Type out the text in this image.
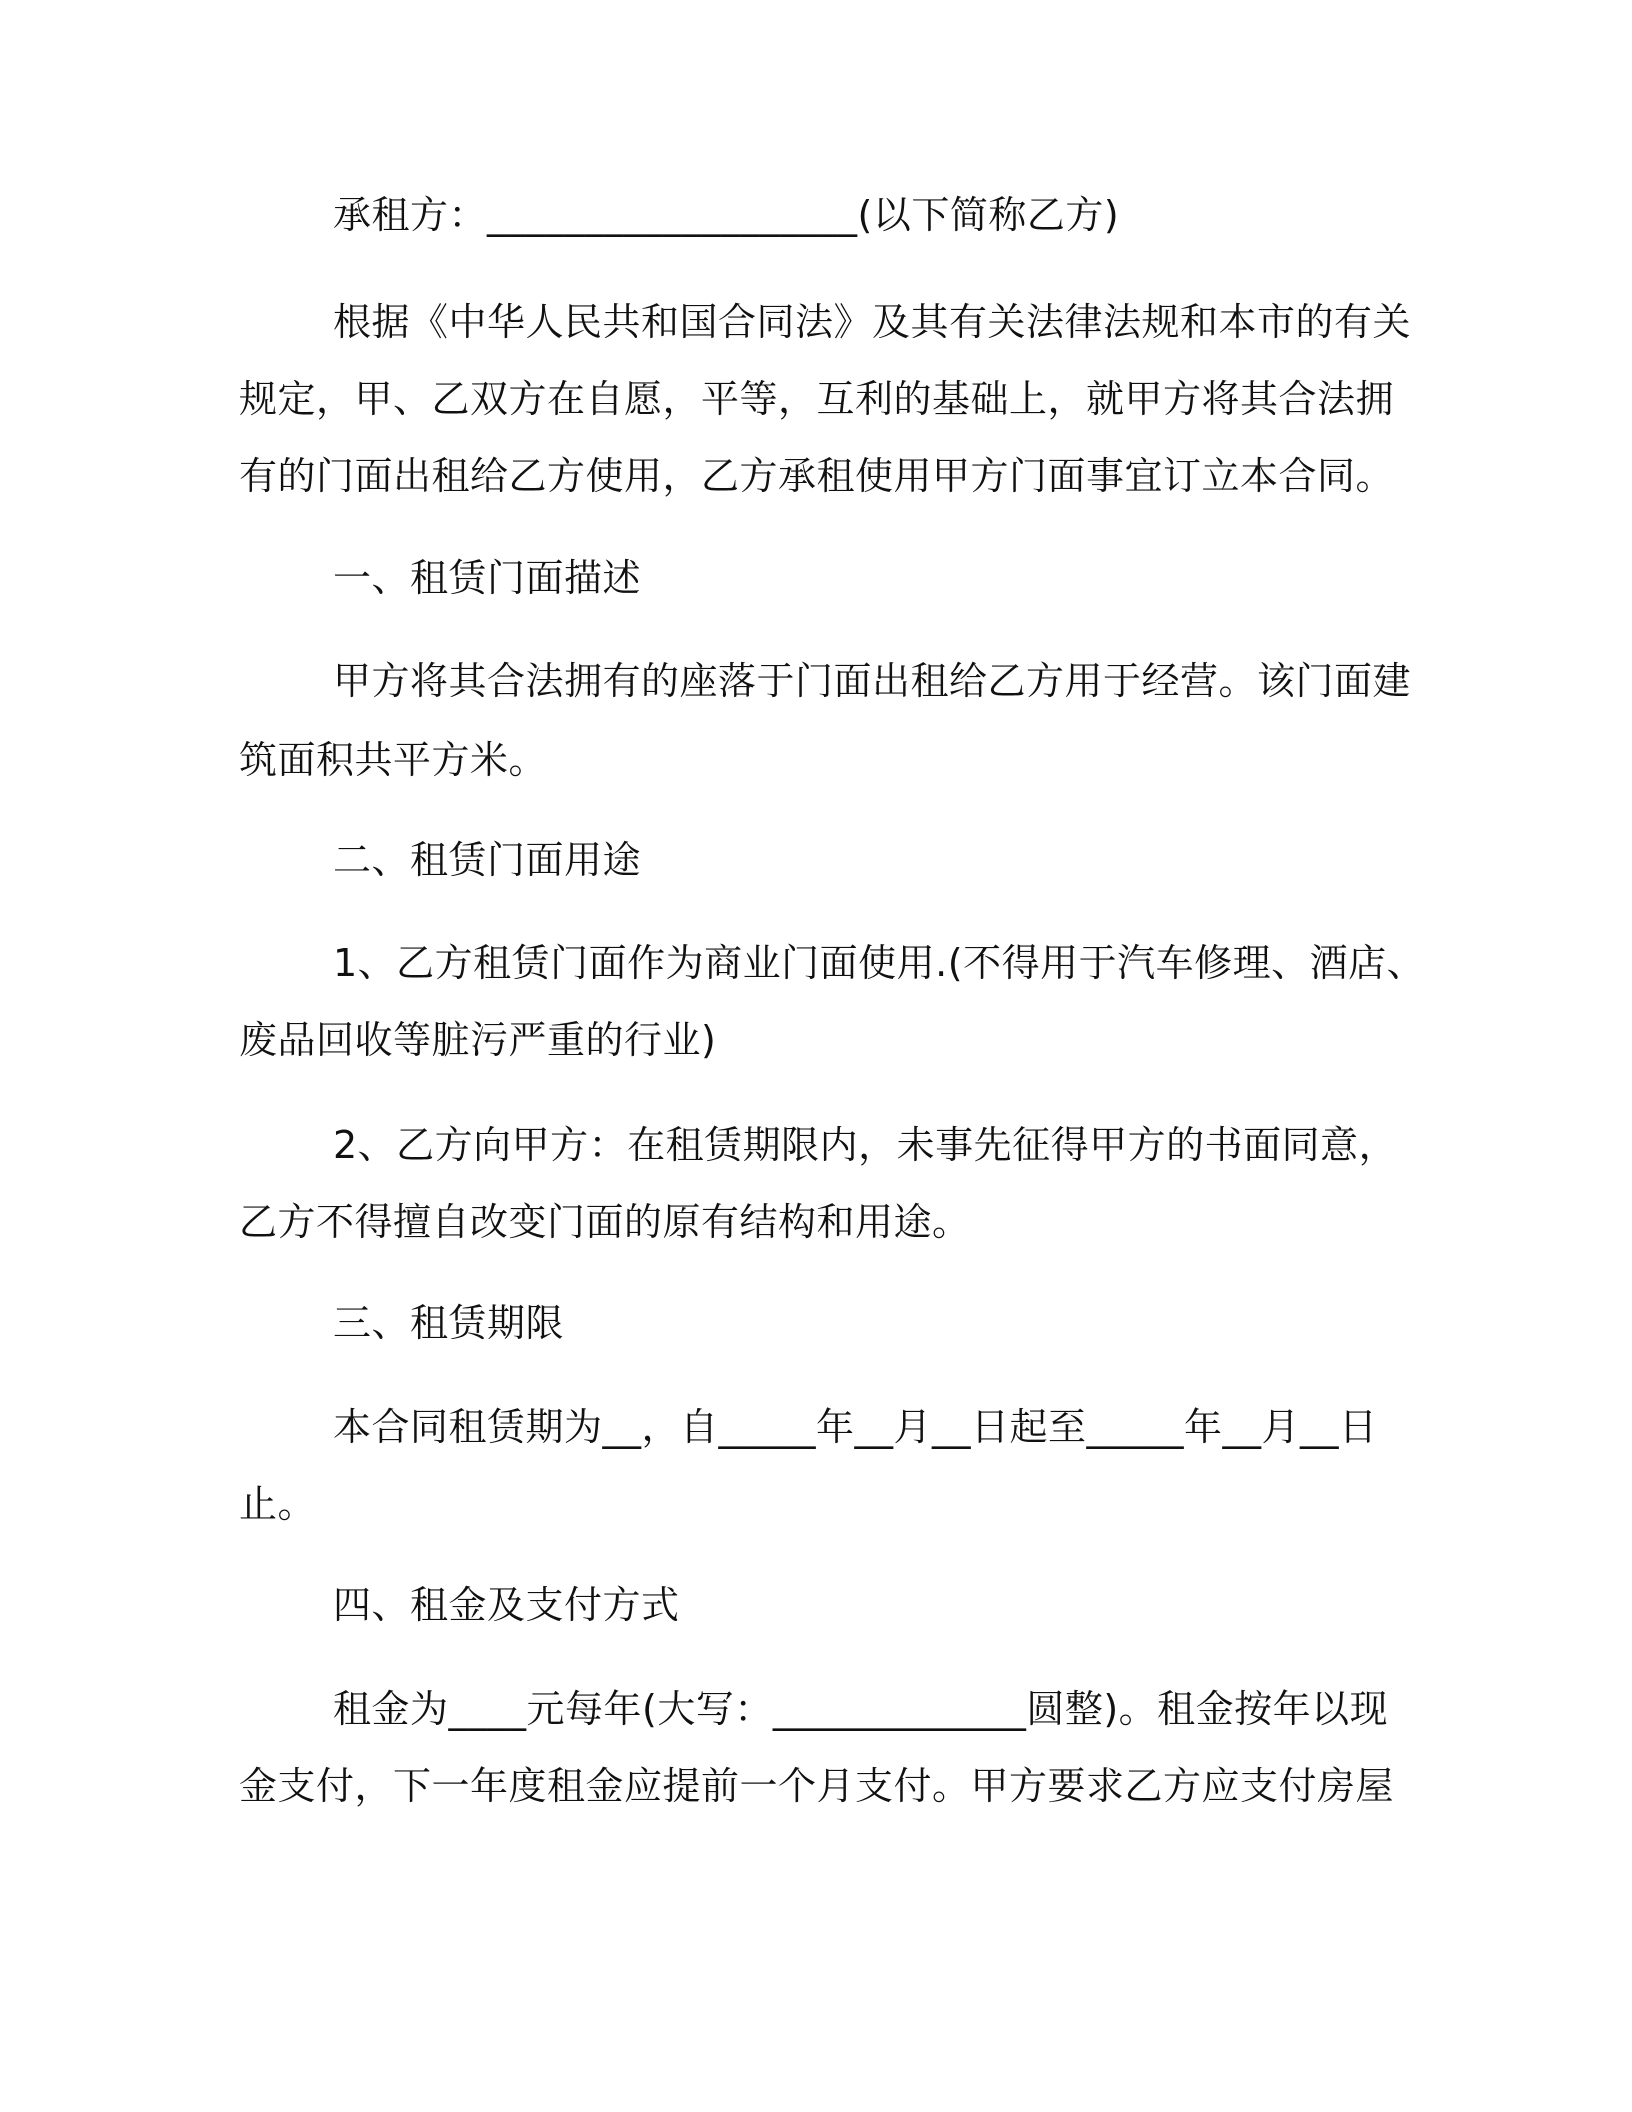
承租方：___________________(以下简称乙方)
根据《中华人民共和国合同法》及其有关法律法规和本市的有关
规定，甲、乙双方在自愿，平等，互利的基础上，就甲方将其合法拥
有的门面出租给乙方使用，乙方承租使用甲方门面事宜订立本合同。
一、租赁门面描述
甲方将其合法拥有的座落于门面出租给乙方用于经营。该门面建
筑面积共平方米。
二、租赁门面用途
1、乙方租赁门面作为商业门面使用.(不得用于汽车修理、酒店、
废品回收等脏污严重的行业)
2、乙方向甲方：在租赁期限内，未事先征得甲方的书面同意，
乙方不得擅自改变门面的原有结构和用途。
三、租赁期限
本合同租赁期为__，自_____年__月__日起至_____年__月__日
止。
四、租金及支付方式
租金为____元每年(大写：_____________圆整)。租金按年以现
金支付，下一年度租金应提前一个月支付。甲方要求乙方应支付房屋
